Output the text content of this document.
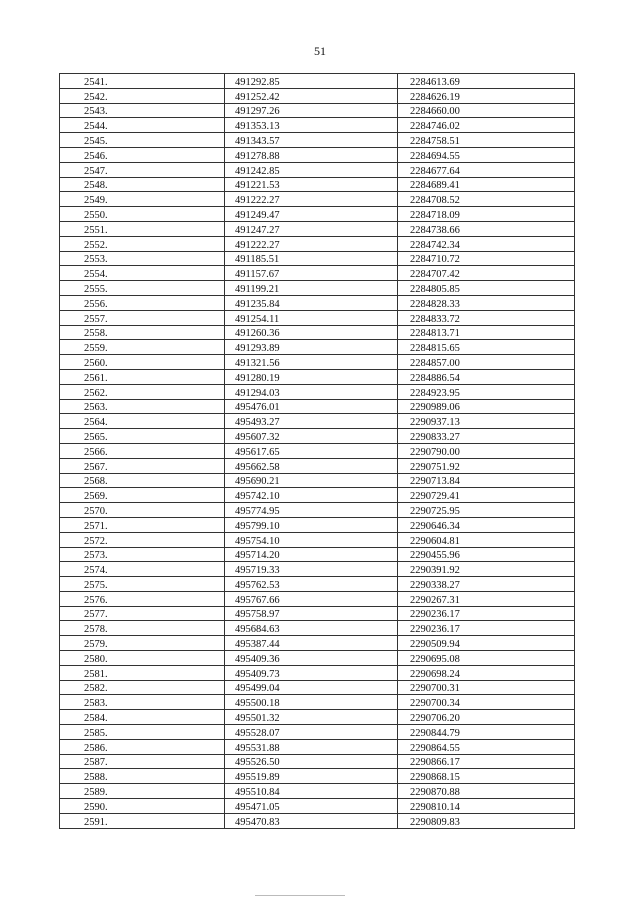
51
2541.	491292.85	2284613.69
2542.	491252.42	2284626.19
2543.	491297.26	2284660.00
2544.	491353.13	2284746.02
2545.	491343.57	2284758.51
2546.	491278.88	2284694.55
2547.	491242.85	2284677.64
2548.	491221.53	2284689.41
2549.	491222.27	2284708.52
2550.	491249.47	2284718.09
2551.	491247.27	2284738.66
2552.	491222.27	2284742.34
2553.	491185.51	2284710.72
2554.	491157.67	2284707.42
2555.	491199.21	2284805.85
2556.	491235.84	2284828.33
2557.	491254.11	2284833.72
2558.	491260.36	2284813.71
2559.	491293.89	2284815.65
2560.	491321.56	2284857.00
2561.	491280.19	2284886.54
2562.	491294.03	2284923.95
2563.	495476.01	2290989.06
2564.	495493.27	2290937.13
2565.	495607.32	2290833.27
2566.	495617.65	2290790.00
2567.	495662.58	2290751.92
2568.	495690.21	2290713.84
2569.	495742.10	2290729.41
2570.	495774.95	2290725.95
2571.	495799.10	2290646.34
2572.	495754.10	2290604.81
2573.	495714.20	2290455.96
2574.	495719.33	2290391.92
2575.	495762.53	2290338.27
2576.	495767.66	2290267.31
2577.	495758.97	2290236.17
2578.	495684.63	2290236.17
2579.	495387.44	2290509.94
2580.	495409.36	2290695.08
2581.	495409.73	2290698.24
2582.	495499.04	2290700.31
2583.	495500.18	2290700.34
2584.	495501.32	2290706.20
2585.	495528.07	2290844.79
2586.	495531.88	2290864.55
2587.	495526.50	2290866.17
2588.	495519.89	2290868.15
2589.	495510.84	2290870.88
2590.	495471.05	2290810.14
2591.	495470.83	2290809.83
